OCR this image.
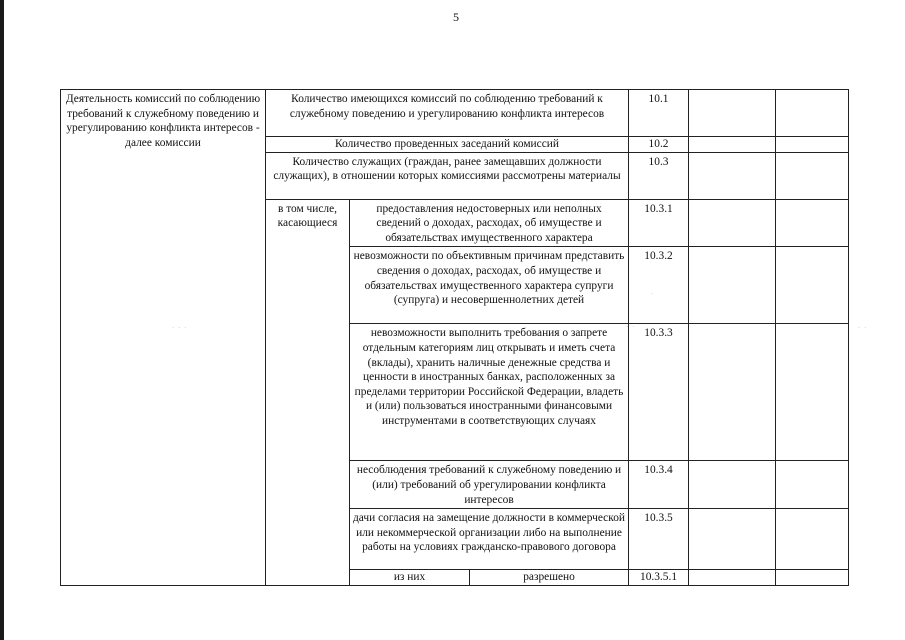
5
· · ·	· ·
·
· ·
Деятельность комиссий по соблюдению требований к служебному поведению и урегулированию конфликта интересов - далее комиссии	Количество имеющихся комиссий по соблюдению требований к служебному поведению и урегулированию конфликта интересов			10.1		
	Количество проведенных заседаний комиссий			10.2		
	Количество служащих (граждан, ранее замещавших должности служащих), в отношении которых комиссиями рассмотрены материалы			10.3		
	в том числе, касающиеся	предоставления недостоверных или неполных сведений о доходах, расходах, об имуществе и обязательствах имущественного характера		10.3.1		
		невозможности по объективным причинам представить сведения о доходах, расходах, об имуществе и обязательствах имущественного характера супруги (супруга) и несовершеннолетних детей		10.3.2		
		невозможности выполнить требования о запрете отдельным категориям лиц открывать и иметь счета (вклады), хранить наличные денежные средства и ценности в иностранных банках, расположенных за пределами территории Российской Федерации, владеть и (или) пользоваться иностранными финансовыми инструментами в соответствующих случаях		10.3.3		
		несоблюдения требований к служебному поведению и (или) требований об урегулировании конфликта интересов		10.3.4		
		дачи согласия на замещение должности в коммерческой или некоммерческой организации либо на выполнение работы на условиях гражданско-правового договора		10.3.5		
		из них	разрешено	10.3.5.1		
